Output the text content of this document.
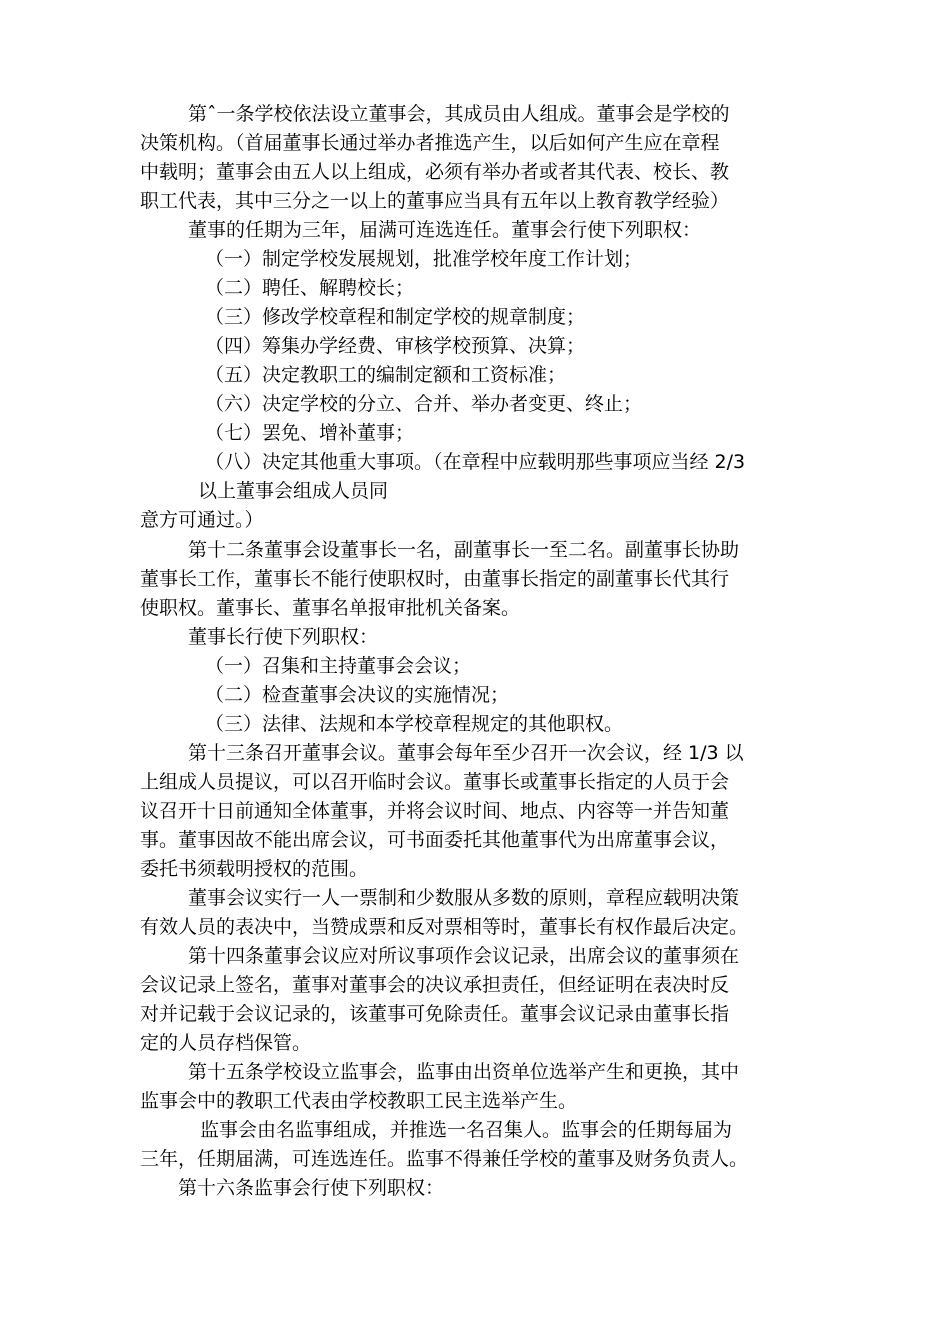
第ˆ一条学校依法设立董事会，其成员由人组成。董事会是学校的
决策机构。（首届董事长通过举办者推选产生，以后如何产生应在章程
中载明；董事会由五人以上组成，必须有举办者或者其代表、校长、教
职工代表，其中三分之一以上的董事应当具有五年以上教育教学经验）
董事的任期为三年，届满可连选连任。董事会行使下列职权：
（一）制定学校发展规划，批准学校年度工作计划；
（二）聘任、解聘校长；
（三）修改学校章程和制定学校的规章制度；
（四）筹集办学经费、审核学校预算、决算；
（五）决定教职工的编制定额和工资标准；
（六）决定学校的分立、合并、举办者变更、终止；
（七）罢免、增补董事；
（八）决定其他重大事项。（在章程中应载明那些事项应当经 2/3
以上董事会组成人员同
意方可通过。）
第十二条董事会设董事长一名，副董事长一至二名。副董事长协助
董事长工作，董事长不能行使职权时，由董事长指定的副董事长代其行
使职权。董事长、董事名单报审批机关备案。
董事长行使下列职权：
（一）召集和主持董事会会议；
（二）检查董事会决议的实施情况；
（三）法律、法规和本学校章程规定的其他职权。
第十三条召开董事会议。董事会每年至少召开一次会议，经 1/3 以
上组成人员提议，可以召开临时会议。董事长或董事长指定的人员于会
议召开十日前通知全体董事，并将会议时间、地点、内容等一并告知董
事。董事因故不能出席会议，可书面委托其他董事代为出席董事会议，
委托书须载明授权的范围。
董事会议实行一人一票制和少数服从多数的原则，章程应载明决策
有效人员的表决中，当赞成票和反对票相等时，董事长有权作最后决定。
第十四条董事会议应对所议事项作会议记录，出席会议的董事须在
会议记录上签名，董事对董事会的决议承担责任，但经证明在表决时反
对并记载于会议记录的，该董事可免除责任。董事会议记录由董事长指
定的人员存档保管。
第十五条学校设立监事会，监事由出资单位选举产生和更换，其中
监事会中的教职工代表由学校教职工民主选举产生。
监事会由名监事组成，并推选一名召集人。监事会的任期每届为
三年，任期届满，可连选连任。监事不得兼任学校的董事及财务负责人。
第十六条监事会行使下列职权：
